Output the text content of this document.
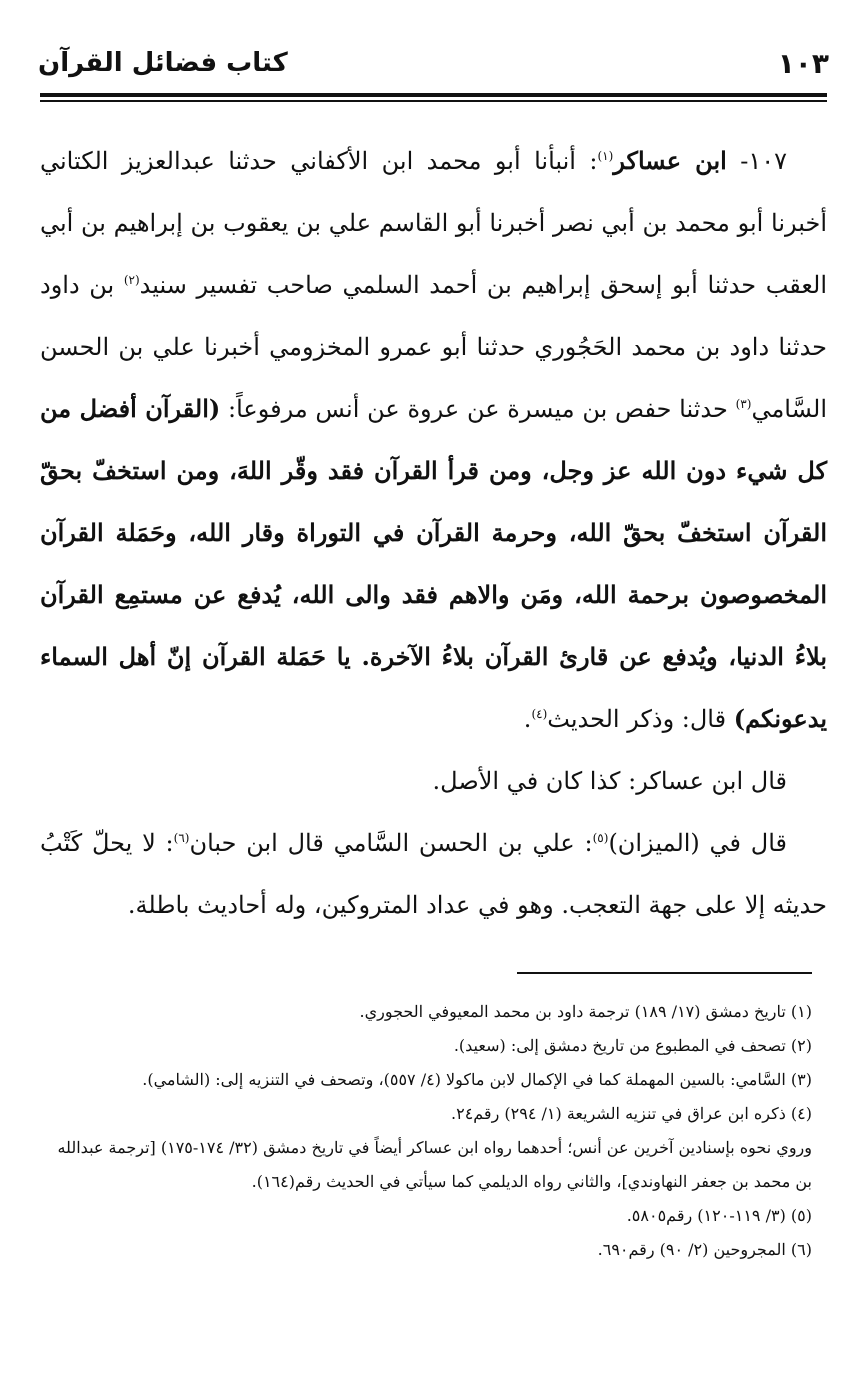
كتاب فضائل القرآن	١٠٣

١٠٧- ابن عساكر$^{(١)}$: أنبأنا أبو محمد ابن الأكفاني حدثنا عبدالعزيز الكتاني أخبرنا أبو محمد بن أبي نصر أخبرنا أبو القاسم علي بن يعقوب بن إبراهيم بن أبي العقب حدثنا أبو إسحق إبراهيم بن أحمد السلمي صاحب تفسير سنيد$^{(٢)}$ بن داود حدثنا داود بن محمد الحَجُوري حدثنا أبو عمرو المخزومي أخبرنا علي بن الحسن السَّامي$^{(٣)}$ حدثنا حفص بن ميسرة عن عروة عن أنس مرفوعاً: (القرآن أفضل من كل شيء دون الله عز وجل، ومن قرأ القرآن فقد وقّر اللهَ، ومن استخفّ بحقّ القرآن استخفّ بحقّ الله، وحرمة القرآن في التوراة وقار الله، وحَمَلة القرآن المخصوصون برحمة الله، ومَن والاهم فقد والى الله، يُدفع عن مستمِع القرآن بلاءُ الدنيا، ويُدفع عن قارئ القرآن بلاءُ الآخرة. يا حَمَلة القرآن إنّ أهل السماء يدعونكم) قال: وذكر الحديث$^{(٤)}$.

قال ابن عساكر: كذا كان في الأصل.

قال في (الميزان)$^{(٥)}$: علي بن الحسن السَّامي قال ابن حبان$^{(٦)}$: لا يحلّ كَتْبُ حديثه إلا على جهة التعجب. وهو في عداد المتروكين، وله أحاديث باطلة.

(١) تاريخ دمشق (١٧/ ١٨٩) ترجمة داود بن محمد المعيوفي الحجوري.
(٢) تصحف في المطبوع من تاريخ دمشق إلى: (سعيد).
(٣) السَّامي: بالسين المهملة كما في الإكمال لابن ماكولا (٤/ ٥٥٧)، وتصحف في التنزيه إلى: (الشامي).
(٤) ذكره ابن عراق في تنزيه الشريعة (١/ ٢٩٤) رقم٢٤.
وروي نحوه بإسنادين آخرين عن أنس؛ أحدهما رواه ابن عساكر أيضاً في تاريخ دمشق (٣٢/ ١٧٤-١٧٥) [ترجمة عبدالله بن محمد بن جعفر النهاوندي]، والثاني رواه الديلمي كما سيأتي في الحديث رقم(١٦٤).
(٥) (٣/ ١١٩-١٢٠) رقم٥٨٠٥.
(٦) المجروحين (٢/ ٩٠) رقم٦٩٠.
